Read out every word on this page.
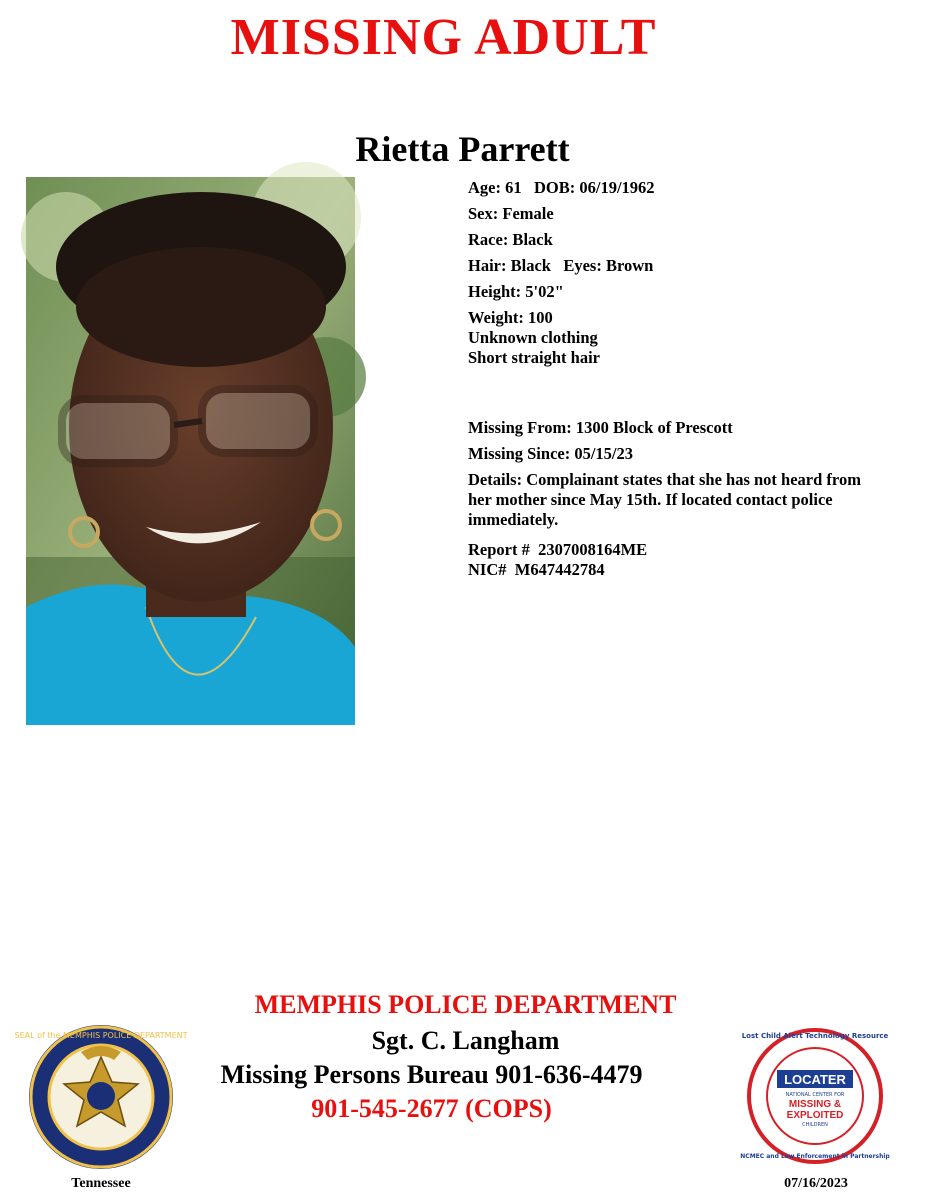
MISSING ADULT
Rietta Parrett
Age: 61   DOB: 06/19/1962
Sex: Female
Race: Black
Hair: Black   Eyes: Brown
Height: 5'02"
Weight: 100
Unknown clothing
Short straight hair
Missing From: 1300 Block of Prescott
Missing Since: 05/15/23
Details: Complainant states that she has not heard from her mother since May 15th. If located contact police immediately.
Report #  2307008164ME
NIC#  M647442784
MEMPHIS POLICE DEPARTMENT
Sgt. C. Langham
Missing Persons Bureau 901-636-4479
901-545-2677 (COPS)
SEAL of the MEMPHIS POLICE DEPARTMENT
Tennessee
Lost Child Alert Technology Resource
LOCATER
NATIONAL CENTER FOR
MISSING &
EXPLOITED
CHILDREN
NCMEC and Law Enforcement in Partnership
07/16/2023
